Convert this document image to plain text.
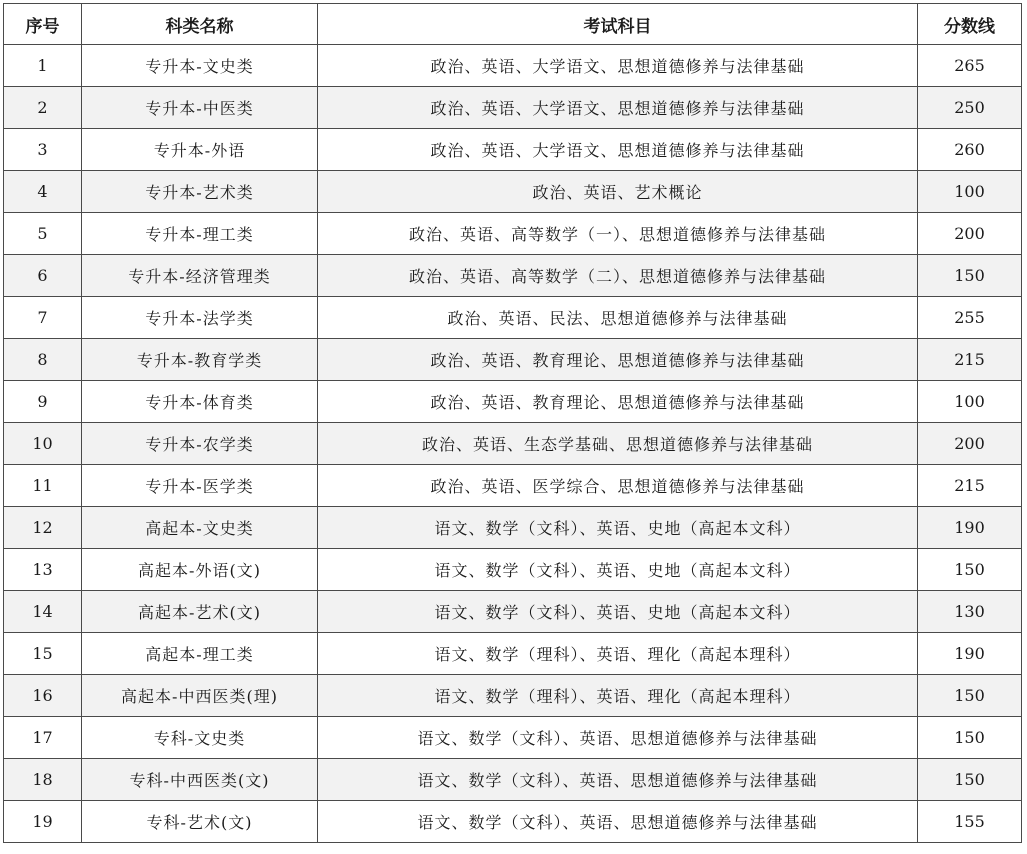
序号	科类名称	考试科目	分数线
1	专升本-文史类	政治、英语、大学语文、思想道德修养与法律基础	265
2	专升本-中医类	政治、英语、大学语文、思想道德修养与法律基础	250
3	专升本-外语	政治、英语、大学语文、思想道德修养与法律基础	260
4	专升本-艺术类	政治、英语、艺术概论	100
5	专升本-理工类	政治、英语、高等数学（一）、思想道德修养与法律基础	200
6	专升本-经济管理类	政治、英语、高等数学（二）、思想道德修养与法律基础	150
7	专升本-法学类	政治、英语、民法、思想道德修养与法律基础	255
8	专升本-教育学类	政治、英语、教育理论、思想道德修养与法律基础	215
9	专升本-体育类	政治、英语、教育理论、思想道德修养与法律基础	100
10	专升本-农学类	政治、英语、生态学基础、思想道德修养与法律基础	200
11	专升本-医学类	政治、英语、医学综合、思想道德修养与法律基础	215
12	高起本-文史类	语文、数学（文科）、英语、史地（高起本文科）	190
13	高起本-外语(文)	语文、数学（文科）、英语、史地（高起本文科）	150
14	高起本-艺术(文)	语文、数学（文科）、英语、史地（高起本文科）	130
15	高起本-理工类	语文、数学（理科）、英语、理化（高起本理科）	190
16	高起本-中西医类(理)	语文、数学（理科）、英语、理化（高起本理科）	150
17	专科-文史类	语文、数学（文科）、英语、思想道德修养与法律基础	150
18	专科-中西医类(文)	语文、数学（文科）、英语、思想道德修养与法律基础	150
19	专科-艺术(文)	语文、数学（文科）、英语、思想道德修养与法律基础	155
